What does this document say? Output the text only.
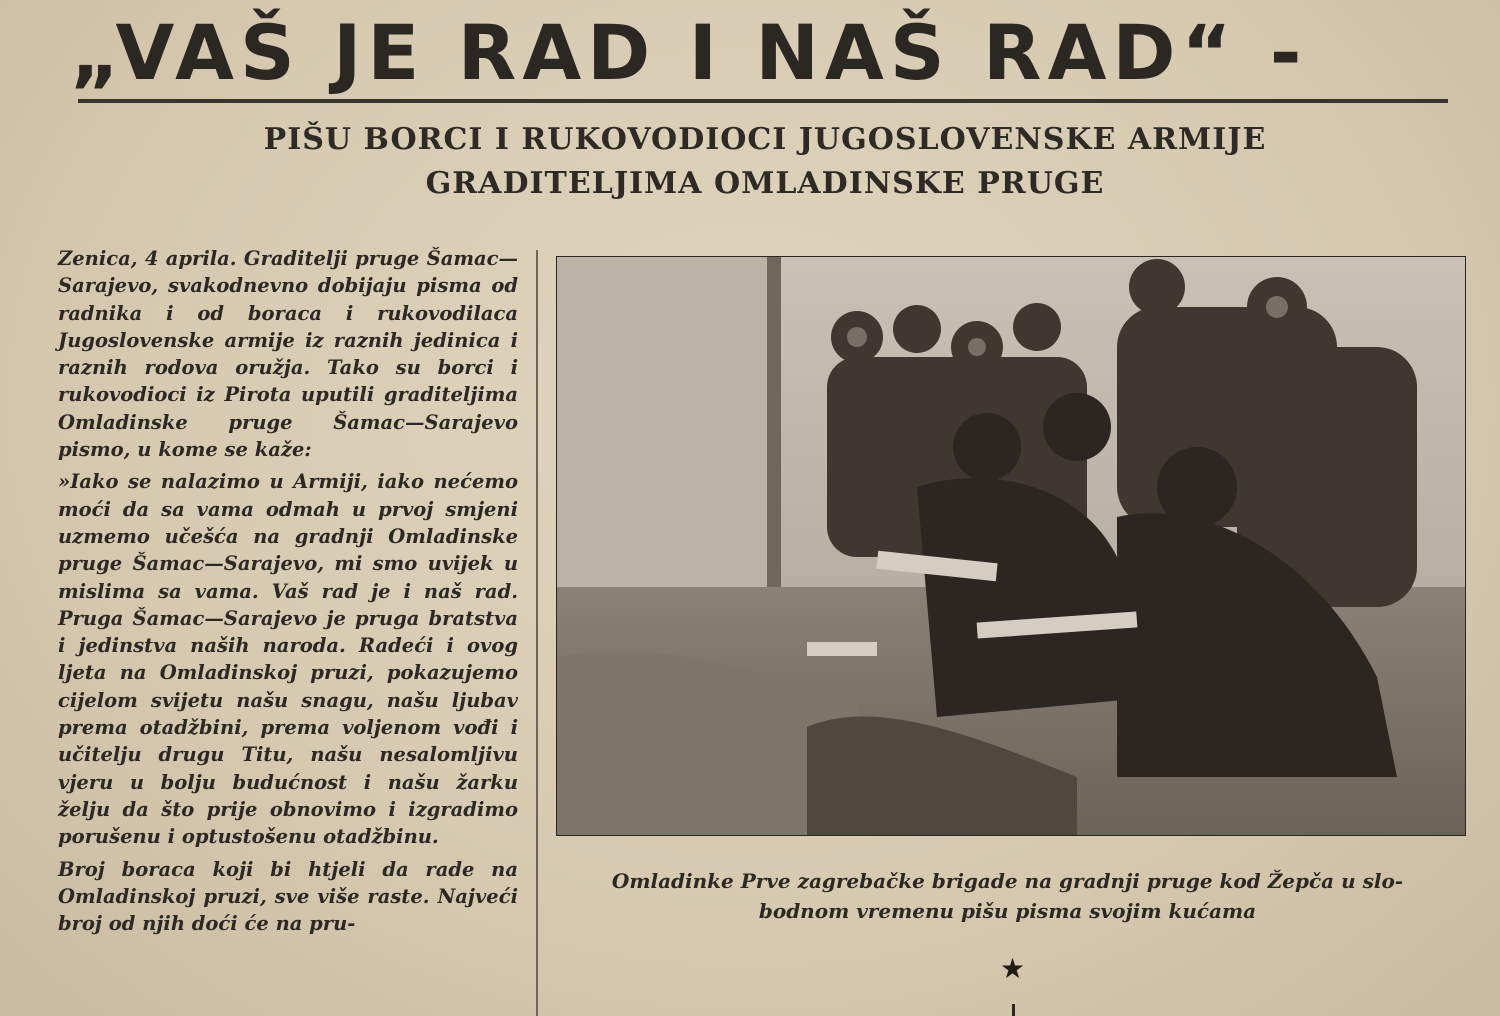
„VAŠ JE RAD I NAŠ RAD“ -
PIŠU BORCI I RUKOVODIOCI JUGOSLOVENSKE ARMIJE
GRADITELJIMA OMLADINSKE PRUGE

Zenica, 4 aprila. Graditelji pruge Šamac—Sarajevo, svakodnevno dobijaju pisma od radnika i od boraca i rukovodilaca Jugoslovenske armije iz raznih jedinica i raznih rodova oružja. Tako su borci i rukovodioci iz Pirota uputili graditeljima Omladinske pruge Šamac—Sarajevo pismo, u kome se kaže:

»Iako se nalazimo u Armiji, iako nećemo moći da sa vama odmah u prvoj smjeni uzmemo učešća na gradnji Omladinske pruge Šamac—Sarajevo, mi smo uvijek u mislima sa vama. Vaš rad je i naš rad. Pruga Šamac—Sarajevo je pruga bratstva i jedinstva naših naroda. Radeći i ovog ljeta na Omladinskoj pruzi, pokazujemo cijelom svijetu našu snagu, našu ljubav prema otadžbini, prema voljenom vođi i učitelju drugu Titu, našu nesalomljivu vjeru u bolju budućnost i našu žarku želju da što prije obnovimo i izgradimo porušenu i optustošenu otadžbinu.

Broj boraca koji bi htjeli da rade na Omladinskoj pruzi, sve više raste. Najveći broj od njih doći će na pru-

Omladinke Prve zagrebačke brigade na gradnji pruge kod Žepča u slo-
bodnom vremenu pišu pisma svojim kućama
★
